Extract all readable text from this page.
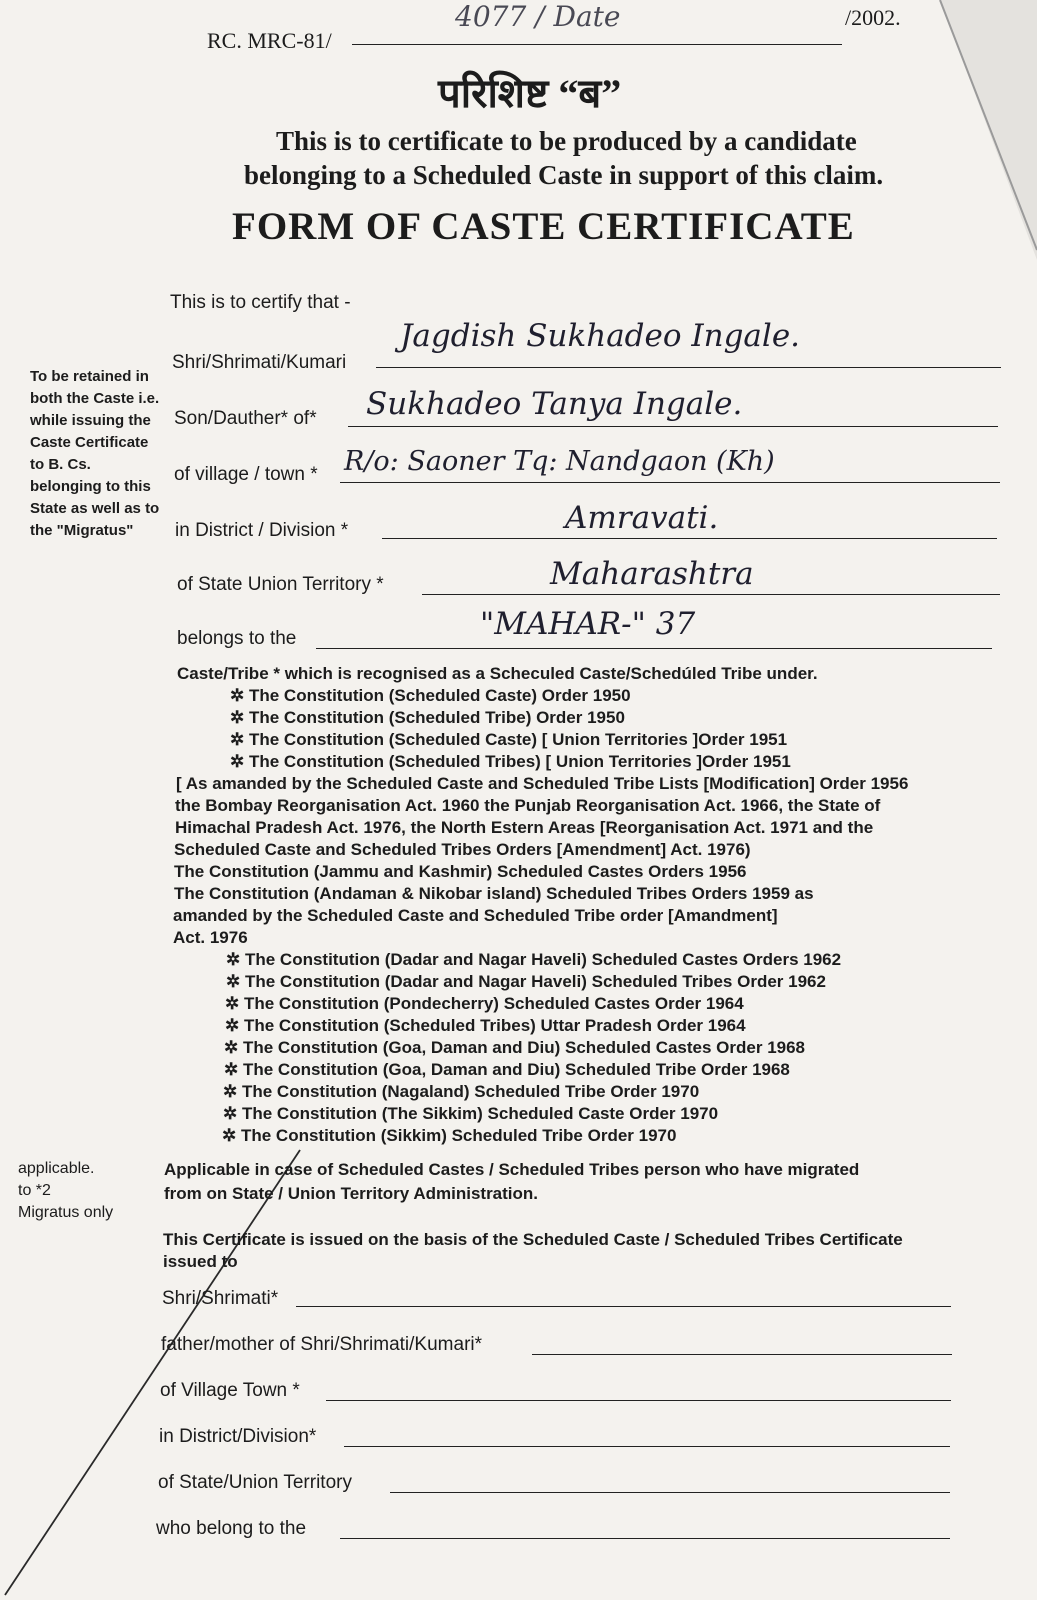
RC. MRC-81/
4077 / Date	/2002.
परिशिष्ट “ब”
This is to certificate to be produced by a candidate
belonging to a Scheduled Caste in support of this claim.
FORM OF CASTE CERTIFICATE
To be retained in both the Caste i.e. while issuing the Caste Certificate to B. Cs. belonging to this State as well as to the "Migratus"
applicable.
to *2
Migratus only
This is to certify that -
Shri/Shrimati/Kumari
Jagdish Sukhadeo Ingale.
Son/Dauther* of* Sukhadeo Tanya Ingale.
of village / town * R/o: Saoner Tq: Nandgaon (Kh)
in District / Division *	Amravati.
of State Union Territory *	Maharashtra
belongs to the	"MAHAR-" 37
Caste/Tribe * which is recognised as a Scheculed Caste/Schedúled Tribe under.
✲ The Constitution (Scheduled Caste) Order 1950
✲ The Constitution (Scheduled Tribe) Order 1950
✲ The Constitution (Scheduled Caste) [ Union Territories ]Order 1951
✲ The Constitution (Scheduled Tribes) [ Union Territories ]Order 1951
[ As amanded by the Scheduled Caste and Scheduled Tribe Lists [Modification] Order 1956
the Bombay Reorganisation Act. 1960 the Punjab Reorganisation Act. 1966, the State of
Himachal Pradesh Act. 1976, the North Estern Areas [Reorganisation Act. 1971 and the
Scheduled Caste and Scheduled Tribes Orders [Amendment] Act. 1976)
The Constitution (Jammu and Kashmir) Scheduled Castes Orders 1956
The Constitution (Andaman & Nikobar island) Scheduled Tribes Orders 1959 as
amanded by the Scheduled Caste and Scheduled Tribe order [Amandment]
Act. 1976
✲ The Constitution (Dadar and Nagar Haveli) Scheduled Castes Orders 1962
✲ The Constitution (Dadar and Nagar Haveli) Scheduled Tribes Order 1962
✲ The Constitution (Pondecherry) Scheduled Castes Order 1964
✲ The Constitution (Scheduled Tribes) Uttar Pradesh Order 1964
✲ The Constitution (Goa, Daman and Diu) Scheduled Castes Order 1968
✲ The Constitution (Goa, Daman and Diu) Scheduled Tribe Order 1968
✲ The Constitution (Nagaland) Scheduled Tribe Order 1970
✲ The Constitution (The Sikkim) Scheduled Caste Order 1970
✲ The Constitution (Sikkim) Scheduled Tribe Order 1970
Applicable in case of Scheduled Castes / Scheduled Tribes person who have migrated
from on State / Union Territory Administration.
This Certificate is issued on the basis of the Scheduled Caste / Scheduled Tribes Certificate
issued to
Shri/Shrimati*
father/mother of Shri/Shrimati/Kumari*
of Village Town *
in District/Division*
of State/Union Territory
who belong to the
